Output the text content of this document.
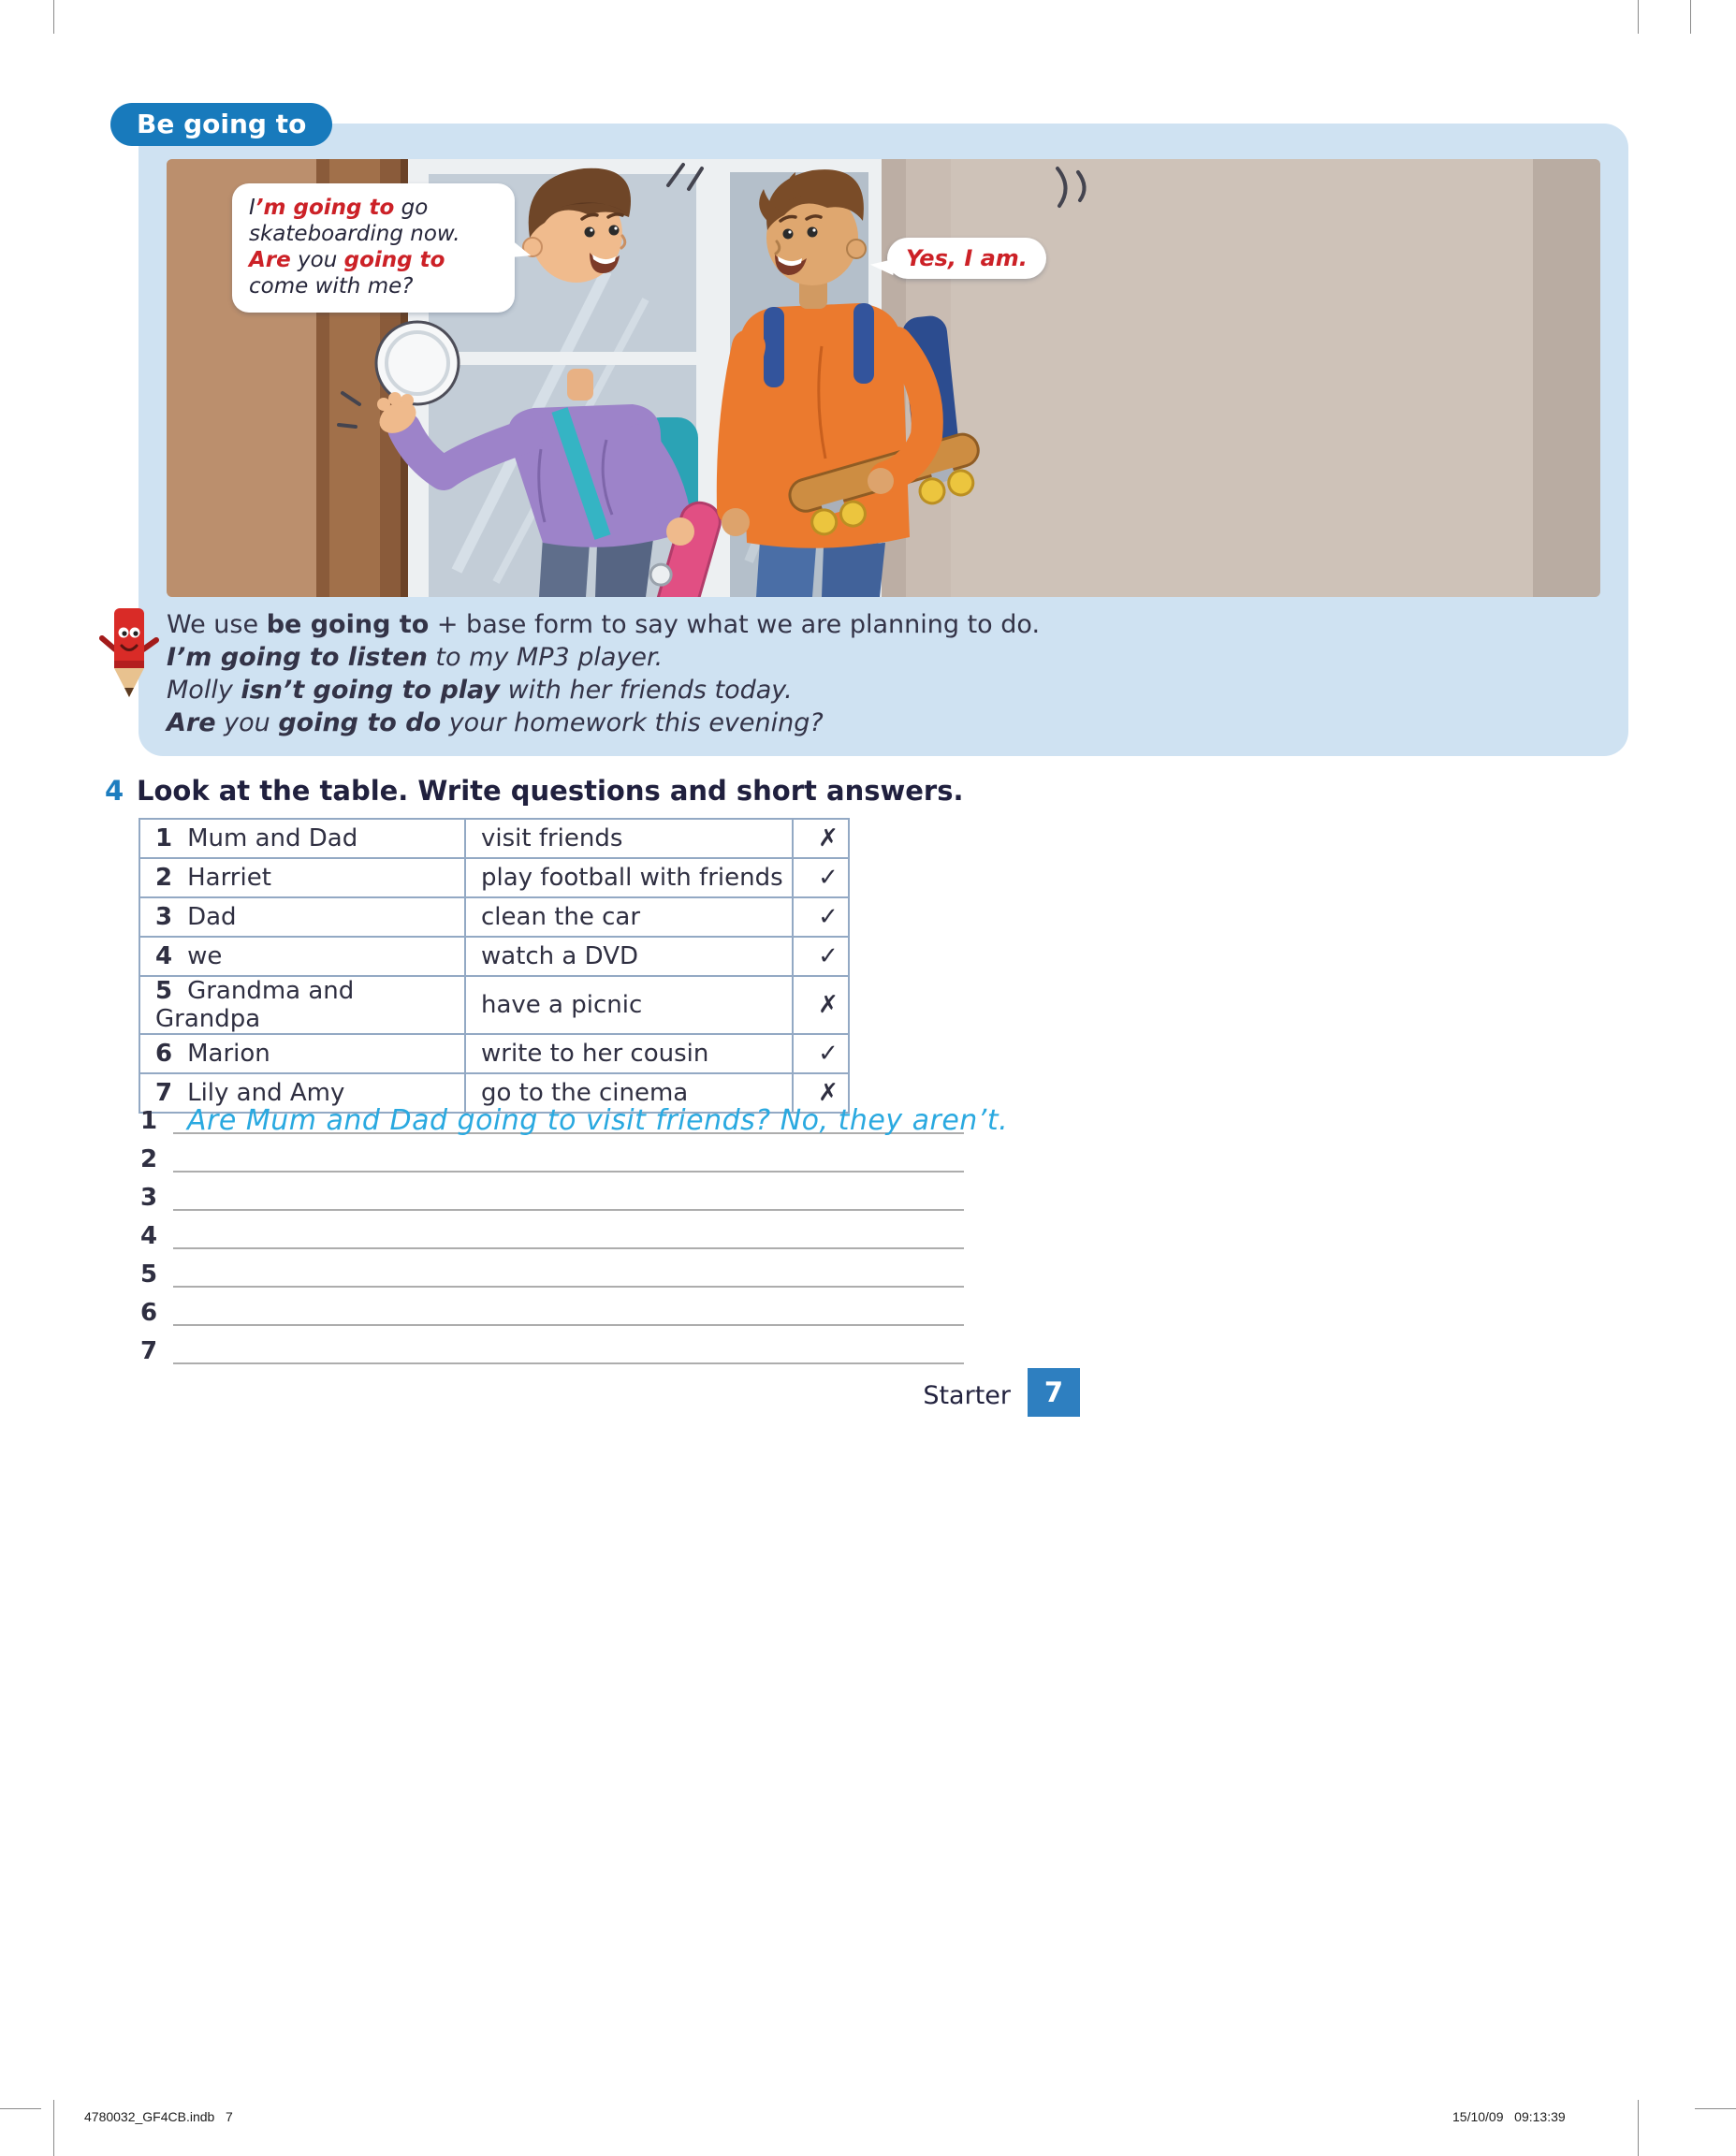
Be going to
I’m going to go
skateboarding now.
Are you going to
come with me?
Yes, I am.
We use be going to + base form to say what we are planning to do.
I’m going to listen to my MP3 player.
Molly isn’t going to play with her friends today.
Are you going to do your homework this evening?
4 Look at the table. Write questions and short answers.
1 Mum and Dad	visit friends	✗
2 Harriet	play football with friends	✓
3 Dad	clean the car	✓
4 we	watch a DVD	✓
5 Grandma and Grandpa	have a picnic	✗
6 Marion	write to her cousin	✓
7 Lily and Amy	go to the cinema	✗
1 Are Mum and Dad going to visit friends? No, they aren’t.
2
3
4
5
6
7
Starter	7
4780032_GF4CB.indb   7	15/10/09   09:13:39
